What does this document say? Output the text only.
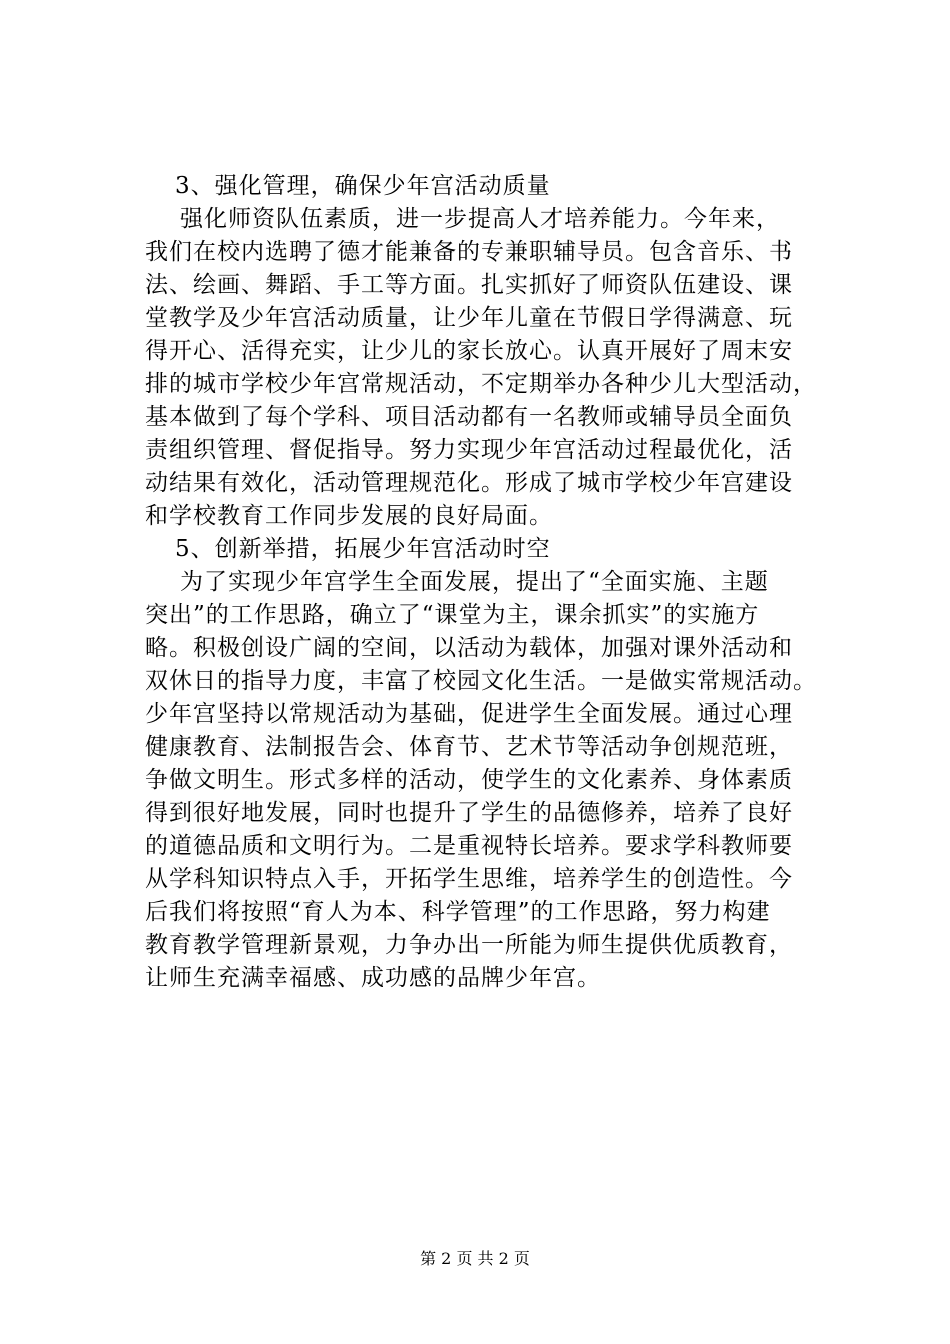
3、强化管理，确保少年宫活动质量
强化师资队伍素质，进一步提高人才培养能力。今年来，
我们在校内选聘了德才能兼备的专兼职辅导员。包含音乐、书
法、绘画、舞蹈、手工等方面。扎实抓好了师资队伍建设、课
堂教学及少年宫活动质量，让少年儿童在节假日学得满意、玩
得开心、活得充实，让少儿的家长放心。认真开展好了周末安
排的城市学校少年宫常规活动，不定期举办各种少儿大型活动，
基本做到了每个学科、项目活动都有一名教师或辅导员全面负
责组织管理、督促指导。努力实现少年宫活动过程最优化，活
动结果有效化，活动管理规范化。形成了城市学校少年宫建设
和学校教育工作同步发展的良好局面。
5、创新举措，拓展少年宫活动时空
为了实现少年宫学生全面发展，提出了“全面实施、主题
突出”的工作思路，确立了“课堂为主，课余抓实”的实施方
略。积极创设广阔的空间，以活动为载体，加强对课外活动和
双休日的指导力度，丰富了校园文化生活。一是做实常规活动。
少年宫坚持以常规活动为基础，促进学生全面发展。通过心理
健康教育、法制报告会、体育节、艺术节等活动争创规范班，
争做文明生。形式多样的活动，使学生的文化素养、身体素质
得到很好地发展，同时也提升了学生的品德修养，培养了良好
的道德品质和文明行为。二是重视特长培养。要求学科教师要
从学科知识特点入手，开拓学生思维，培养学生的创造性。今
后我们将按照“育人为本、科学管理”的工作思路，努力构建
教育教学管理新景观，力争办出一所能为师生提供优质教育，
让师生充满幸福感、成功感的品牌少年宫。
第 2 页 共 2 页
